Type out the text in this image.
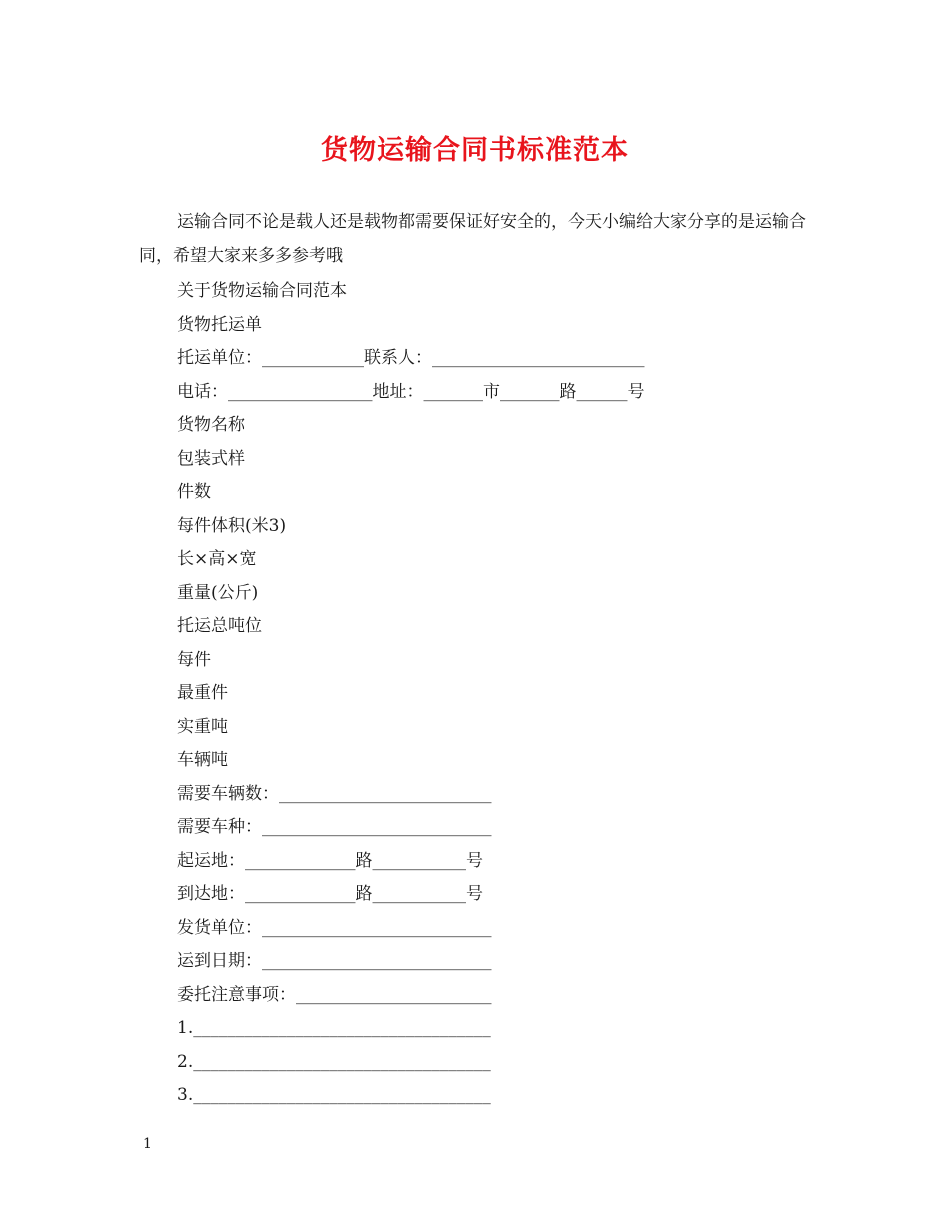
货物运输合同书标准范本
运输合同不论是载人还是载物都需要保证好安全的，今天小编给大家分享的是运输合同，希望大家来多多参考哦
关于货物运输合同范本
货物托运单
托运单位：____________联系人：_________________________
电话：_________________地址：_______市_______路______号
货物名称
包装式样
件数
每件体积(米3)
长×高×宽
重量(公斤)
托运总吨位
每件
最重件
实重吨
车辆吨
需要车辆数：_________________________
需要车种：___________________________
起运地：_____________路___________号
到达地：_____________路___________号
发货单位：___________________________
运到日期：___________________________
委托注意事项：_______________________
1.___________________________________
2.___________________________________
3.___________________________________
1
